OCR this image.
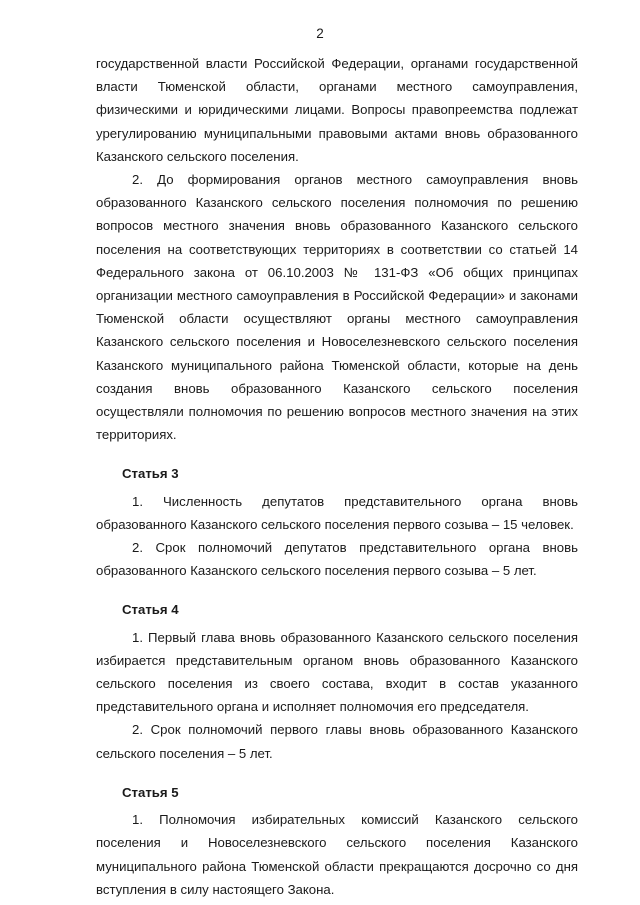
2

государственной власти Российской Федерации, органами государственной власти Тюменской области, органами местного самоуправления, физическими и юридическими лицами. Вопросы правопреемства подлежат урегулированию муниципальными правовыми актами вновь образованного Казанского сельского поселения.

2. До формирования органов местного самоуправления вновь образованного Казанского сельского поселения полномочия по решению вопросов местного значения вновь образованного Казанского сельского поселения на соответствующих территориях в соответствии со статьей 14 Федерального закона от 06.10.2003 № 131-ФЗ «Об общих принципах организации местного самоуправления в Российской Федерации» и законами Тюменской области осуществляют органы местного самоуправления Казанского сельского поселения и Новоселезневского сельского поселения Казанского муниципального района Тюменской области, которые на день создания вновь образованного Казанского сельского поселения осуществляли полномочия по решению вопросов местного значения на этих территориях.

Статья 3

1. Численность депутатов представительного органа вновь образованного Казанского сельского поселения первого созыва – 15 человек.

2. Срок полномочий депутатов представительного органа вновь образованного Казанского сельского поселения первого созыва – 5 лет.

Статья 4

1. Первый глава вновь образованного Казанского сельского поселения избирается представительным органом вновь образованного Казанского сельского поселения из своего состава, входит в состав указанного представительного органа и исполняет полномочия его председателя.

2. Срок полномочий первого главы вновь образованного Казанского сельского поселения – 5 лет.

Статья 5

1. Полномочия избирательных комиссий Казанского сельского поселения и Новоселезневского сельского поселения Казанского муниципального района Тюменской области прекращаются досрочно со дня вступления в силу настоящего Закона.
